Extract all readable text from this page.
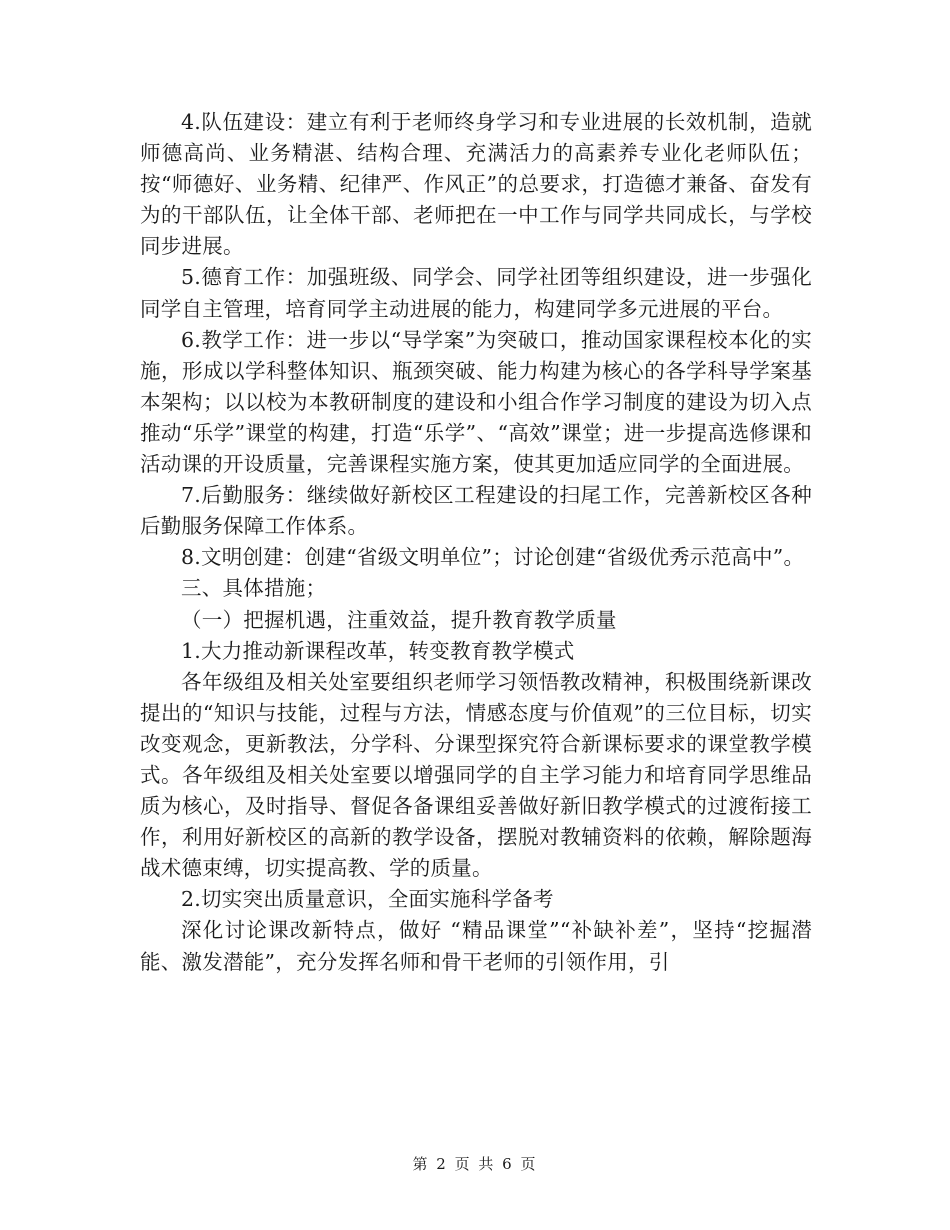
4.队伍建设：建立有利于老师终身学习和专业进展的长效机制，造就师德高尚、业务精湛、结构合理、充满活力的高素养专业化老师队伍；按“师德好、业务精、纪律严、作风正”的总要求，打造德才兼备、奋发有为的干部队伍，让全体干部、老师把在一中工作与同学共同成长，与学校同步进展。

5.德育工作：加强班级、同学会、同学社团等组织建设，进一步强化同学自主管理，培育同学主动进展的能力，构建同学多元进展的平台。

6.教学工作：进一步以“导学案”为突破口，推动国家课程校本化的实施，形成以学科整体知识、瓶颈突破、能力构建为核心的各学科导学案基本架构；以以校为本教研制度的建设和小组合作学习制度的建设为切入点推动“乐学”课堂的构建，打造“乐学”、“高效”课堂；进一步提高选修课和活动课的开设质量，完善课程实施方案，使其更加适应同学的全面进展。

7.后勤服务：继续做好新校区工程建设的扫尾工作，完善新校区各种后勤服务保障工作体系。

8.文明创建：创建“省级文明单位”；讨论创建“省级优秀示范高中”。

三、具体措施；

（一）把握机遇，注重效益，提升教育教学质量

1.大力推动新课程改革，转变教育教学模式

各年级组及相关处室要组织老师学习领悟教改精神，积极围绕新课改提出的“知识与技能，过程与方法，情感态度与价值观”的三位目标，切实改变观念，更新教法，分学科、分课型探究符合新课标要求的课堂教学模式。各年级组及相关处室要以增强同学的自主学习能力和培育同学思维品质为核心，及时指导、督促各备课组妥善做好新旧教学模式的过渡衔接工作，利用好新校区的高新的教学设备，摆脱对教辅资料的依赖，解除题海战术德束缚，切实提高教、学的质量。

2.切实突出质量意识，全面实施科学备考

深化讨论课改新特点，做好 “精品课堂”“补缺补差”，坚持“挖掘潜能、激发潜能”，充分发挥名师和骨干老师的引领作用，引

第 2 页 共 6 页
